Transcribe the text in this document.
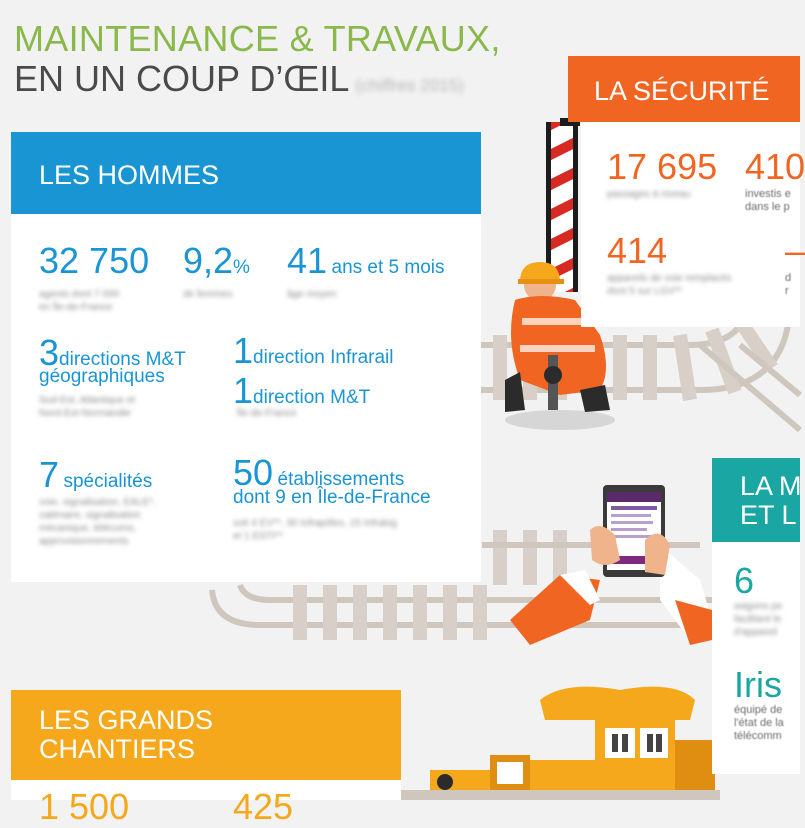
MAINTENANCE & TRAVAUX,
EN UN COUP D’ŒIL (chiffres 2015)
LES HOMMES
32 750
agents dont 7 000
en Île-de-France
9,2%
de femmes
41 ans et 5 mois
âge moyen
3directions M&T
géographiques
Sud-Est, Atlantique et
Nord-Est-Normandie
1direction Infrarail
1direction M&T
Île-de-France
7 spécialités
voie, signalisation, EALE*,
caténaire, signalisation
mécanique, télécoms,
approvisionnements
50 établissements
dont 9 en Île-de-France
soit 4 EV**, 30 Infrapôles, 15 Infralog
et 1 ESTI**
LA SÉCURITÉ
17 695
passages à niveau
410
investis e
dans le p
414
appareils de voie remplacés
dont 5 sur LGV**
–
d
r
LA M
ET L
6
wagons pe
facilitant le
d'appareil
Iris
équipé de
l'état de la
télécomm
LES GRANDS
CHANTIERS
1 500	425
